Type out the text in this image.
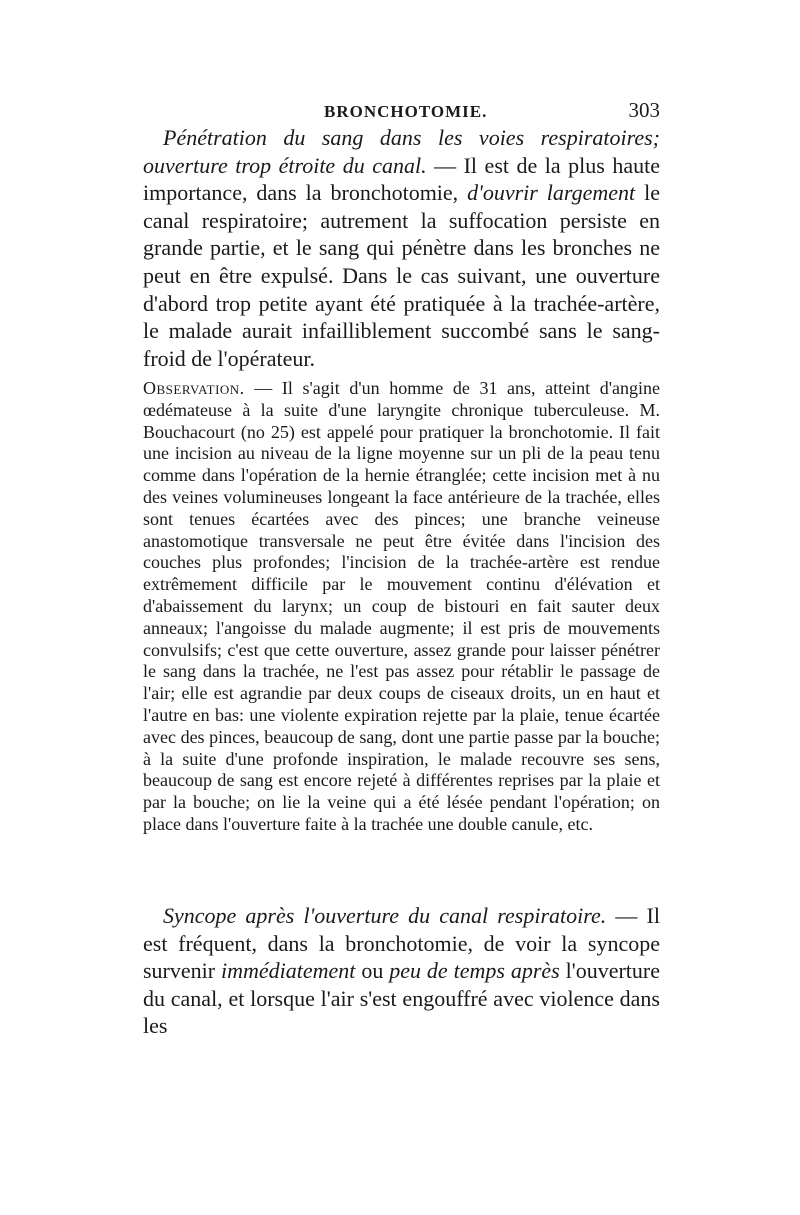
BRONCHOTOMIE.	303

Pénétration du sang dans les voies respiratoires; ouverture trop étroite du canal. — Il est de la plus haute importance, dans la bronchotomie, d'ouvrir largement le canal respiratoire; autrement la suffocation persiste en grande partie, et le sang qui pénètre dans les bronches ne peut en être expulsé. Dans le cas suivant, une ouverture d'abord trop petite ayant été pratiquée à la trachée-artère, le malade aurait infailliblement succombé sans le sang-froid de l'opérateur.

Observation. — Il s'agit d'un homme de 31 ans, atteint d'angine œdémateuse à la suite d'une laryngite chronique tuberculeuse. M. Bouchacourt (no 25) est appelé pour pratiquer la bronchotomie. Il fait une incision au niveau de la ligne moyenne sur un pli de la peau tenu comme dans l'opération de la hernie étranglée; cette incision met à nu des veines volumineuses longeant la face antérieure de la trachée, elles sont tenues écartées avec des pinces; une branche veineuse anastomotique transversale ne peut être évitée dans l'incision des couches plus profondes; l'incision de la trachée-artère est rendue extrêmement difficile par le mouvement continu d'élévation et d'abaissement du larynx; un coup de bistouri en fait sauter deux anneaux; l'angoisse du malade augmente; il est pris de mouvements convulsifs; c'est que cette ouverture, assez grande pour laisser pénétrer le sang dans la trachée, ne l'est pas assez pour rétablir le passage de l'air; elle est agrandie par deux coups de ciseaux droits, un en haut et l'autre en bas: une violente expiration rejette par la plaie, tenue écartée avec des pinces, beaucoup de sang, dont une partie passe par la bouche; à la suite d'une profonde inspiration, le malade recouvre ses sens, beaucoup de sang est encore rejeté à différentes reprises par la plaie et par la bouche; on lie la veine qui a été lésée pendant l'opération; on place dans l'ouverture faite à la trachée une double canule, etc.

Syncope après l'ouverture du canal respiratoire. — Il est fréquent, dans la bronchotomie, de voir la syncope survenir immédiatement ou peu de temps après l'ouverture du canal, et lorsque l'air s'est engouffré avec violence dans les
